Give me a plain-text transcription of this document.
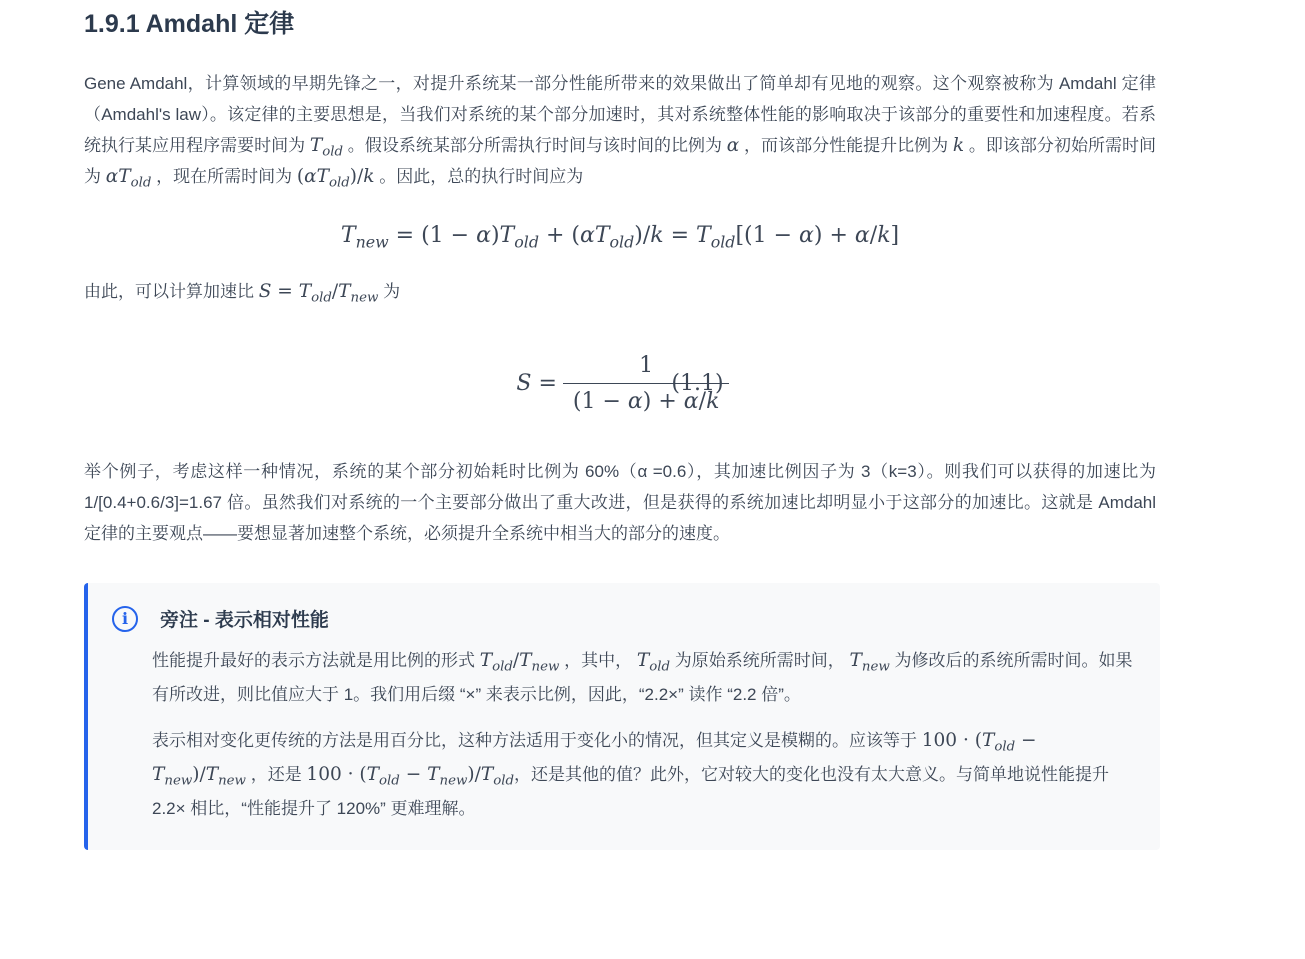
1.9.1 Amdahl 定律

Gene Amdahl，计算领域的早期先锋之一，对提升系统某一部分性能所带来的效果做出了简单却有见地的观察。这个观察被称为 Amdahl 定律（Amdahl's law）。该定律的主要思想是，当我们对系统的某个部分加速时，其对系统整体性能的影响取决于该部分的重要性和加速程度。若系统执行某应用程序需要时间为 $T_{old}$ 。假设系统某部分所需执行时间与该时间的比例为 α ，而该部分性能提升比例为 k 。即该部分初始所需时间为 $\alpha T_{old}$ ，现在所需时间为 $(\alpha T_{old})/k$ 。因此，总的执行时间应为

$T_{new} = (1 - \alpha)T_{old} + (\alpha T_{old})/k = T_{old}[(1 - \alpha) + \alpha/k]$

由此，可以计算加速比 $S = T_{old}/T_{new}$ 为

$S = \frac{1}{(1 - \alpha) + \alpha/k}$
(1.1)

举个例子，考虑这样一种情况，系统的某个部分初始耗时比例为 60%（α =0.6），其加速比例因子为 3（k=3）。则我们可以获得的加速比为 1/[0.4+0.6/3]=1.67 倍。虽然我们对系统的一个主要部分做出了重大改进，但是获得的系统加速比却明显小于这部分的加速比。这就是 Amdahl 定律的主要观点——要想显著加速整个系统，必须提升全系统中相当大的部分的速度。

i	旁注 - 表示相对性能

性能提升最好的表示方法就是用比例的形式 $T_{old}/T_{new}$ ，其中， $T_{old}$ 为原始系统所需时间， $T_{new}$ 为修改后的系统所需时间。如果有所改进，则比值应大于 1。我们用后缀 “×” 来表示比例，因此，“2.2×” 读作 “2.2 倍”。

表示相对变化更传统的方法是用百分比，这种方法适用于变化小的情况，但其定义是模糊的。应该等于 $100 \cdot (T_{old} - T_{new})/T_{new}$ ，还是 $100 \cdot (T_{old} - T_{new})/T_{old}$，还是其他的值？此外，它对较大的变化也没有太大意义。与简单地说性能提升 2.2× 相比，“性能提升了 120%” 更难理解。
